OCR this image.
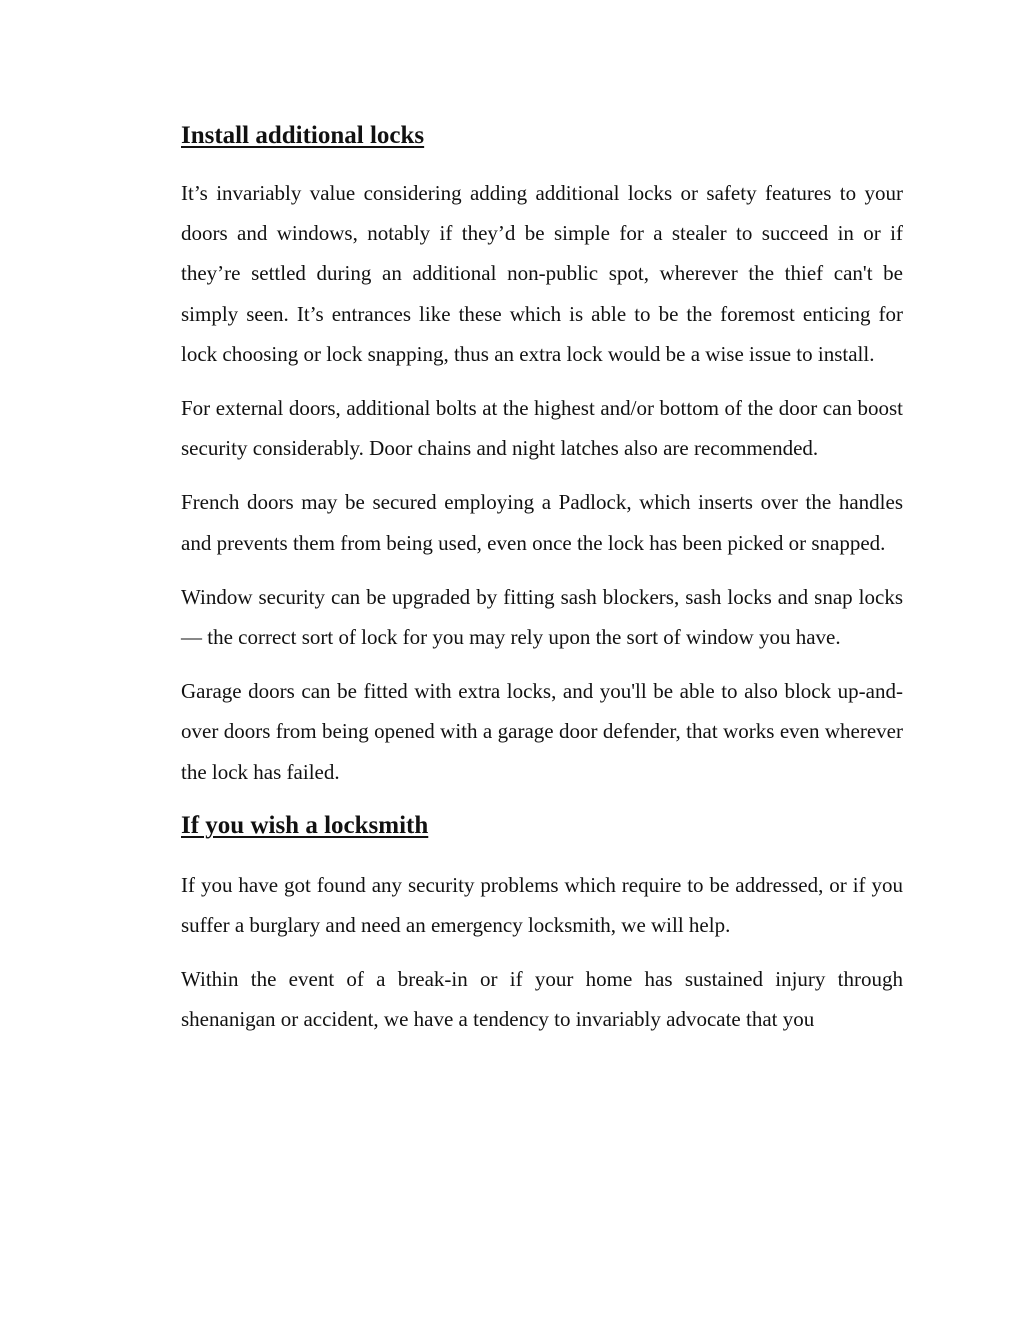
Install additional locks

It’s invariably value considering adding additional locks or safety features to your doors and windows, notably if they’d be simple for a stealer to succeed in or if they’re settled during an additional non-public spot, wherever the thief can't be simply seen. It’s entrances like these which is able to be the foremost enticing for lock choosing or lock snapping, thus an extra lock would be a wise issue to install.

For external doors, additional bolts at the highest and/or bottom of the door can boost security considerably. Door chains and night latches also are recommended.

French doors may be secured employing a Padlock, which inserts over the handles and prevents them from being used, even once the lock has been picked or snapped.

Window security can be upgraded by fitting sash blockers, sash locks and snap locks — the correct sort of lock for you may rely upon the sort of window you have.

Garage doors can be fitted with extra locks, and you'll be able to also block up-and-over doors from being opened with a garage door defender, that works even wherever the lock has failed.

If you wish a locksmith

If you have got found any security problems which require to be addressed, or if you suffer a burglary and need an emergency locksmith, we will help.

Within the event of a break-in or if your home has sustained injury through shenanigan or accident, we have a tendency to invariably advocate that you
